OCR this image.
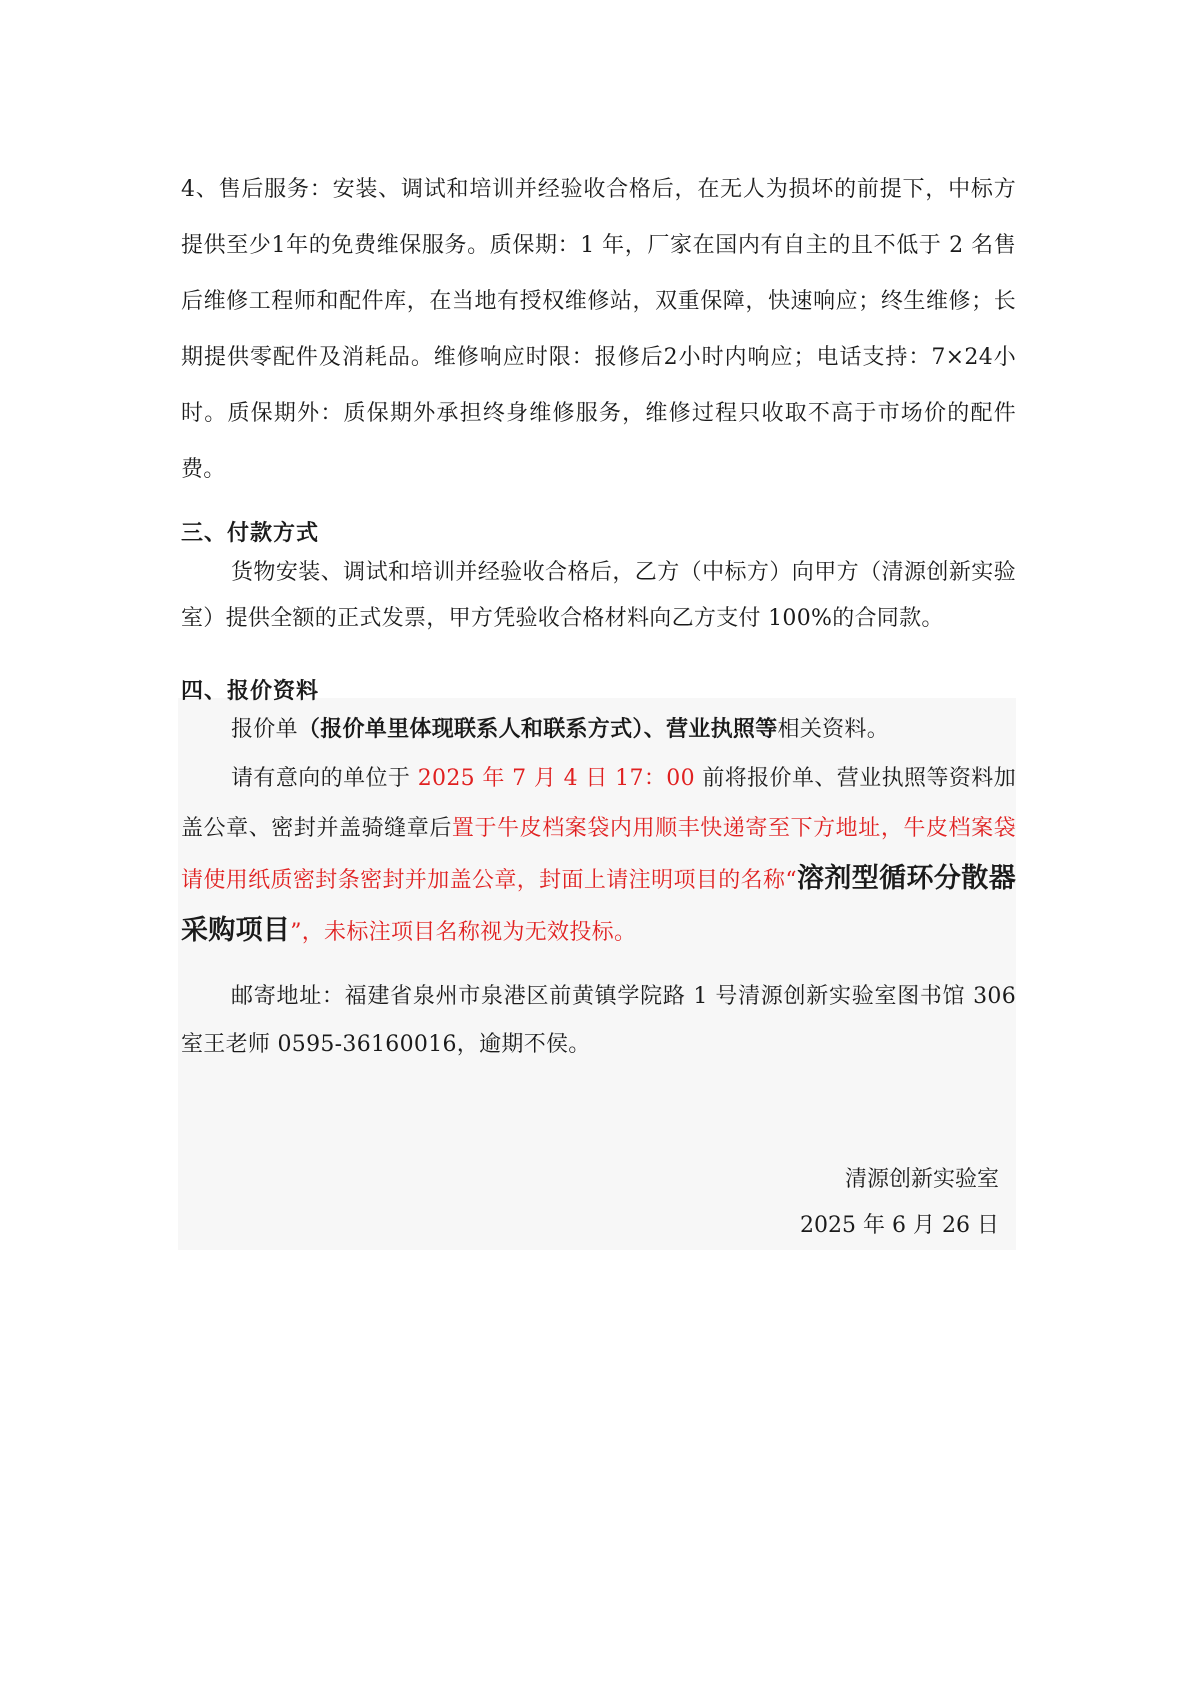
4、售后服务：安装、调试和培训并经验收合格后，在无人为损坏的前提下，中标方提供至少1年的免费维保服务。质保期：1 年，厂家在国内有自主的且不低于 2 名售后维修工程师和配件库，在当地有授权维修站，双重保障，快速响应；终生维修；长期提供零配件及消耗品。维修响应时限：报修后2小时内响应；电话支持：7×24小时。质保期外：质保期外承担终身维修服务，维修过程只收取不高于市场价的配件费。
三、付款方式
货物安装、调试和培训并经验收合格后，乙方（中标方）向甲方（清源创新实验室）提供全额的正式发票，甲方凭验收合格材料向乙方支付 100%的合同款。
四、报价资料
报价单（报价单里体现联系人和联系方式）、营业执照等相关资料。
请有意向的单位于 2025 年 7 月 4 日 17：00 前将报价单、营业执照等资料加盖公章、密封并盖骑缝章后置于牛皮档案袋内用顺丰快递寄至下方地址，牛皮档案袋请使用纸质密封条密封并加盖公章，封面上请注明项目的名称“溶剂型循环分散器采购项目”，未标注项目名称视为无效投标。
邮寄地址：福建省泉州市泉港区前黄镇学院路 1 号清源创新实验室图书馆 306 室王老师 0595-36160016，逾期不侯。
清源创新实验室
2025 年 6 月 26 日
